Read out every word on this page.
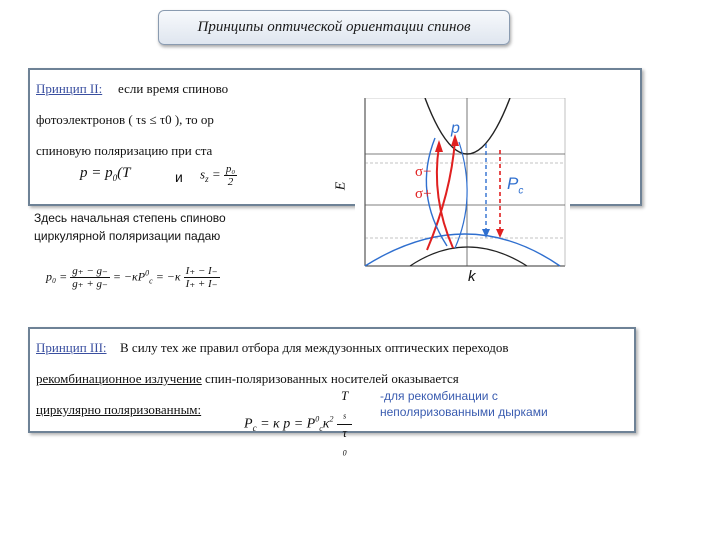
Принципы оптической ориентации спинов
Принцип II: если время спиново
фотоэлектронов ( τs ≤ τ0 ), то ор
спиновую поляризацию при ста
$p = p_0(T$	и $s_z = \frac{\text{p₀}}{2}$
Здесь начальная степень спиново
циркулярной поляризации падаю
$p_0 = \frac{g_+ - g_-}{g_+ + g_-} = -\kappa P^0_c = -\kappa \frac{I_+ - I_-}{I_+ + I_-}$
E
k
p
σ−
σ+
$P_c$
Принцип III: В силу тех же правил отбора для междузонных оптических переходов
рекомбинационное излучение спин-поляризованных носителей оказывается
циркулярно поляризованным:
$P_c = \kappa$ $p = P^0_c\kappa^2$ T
$_s$
τ
$_0$ -для рекомбинации с
неполяризованными дырками
